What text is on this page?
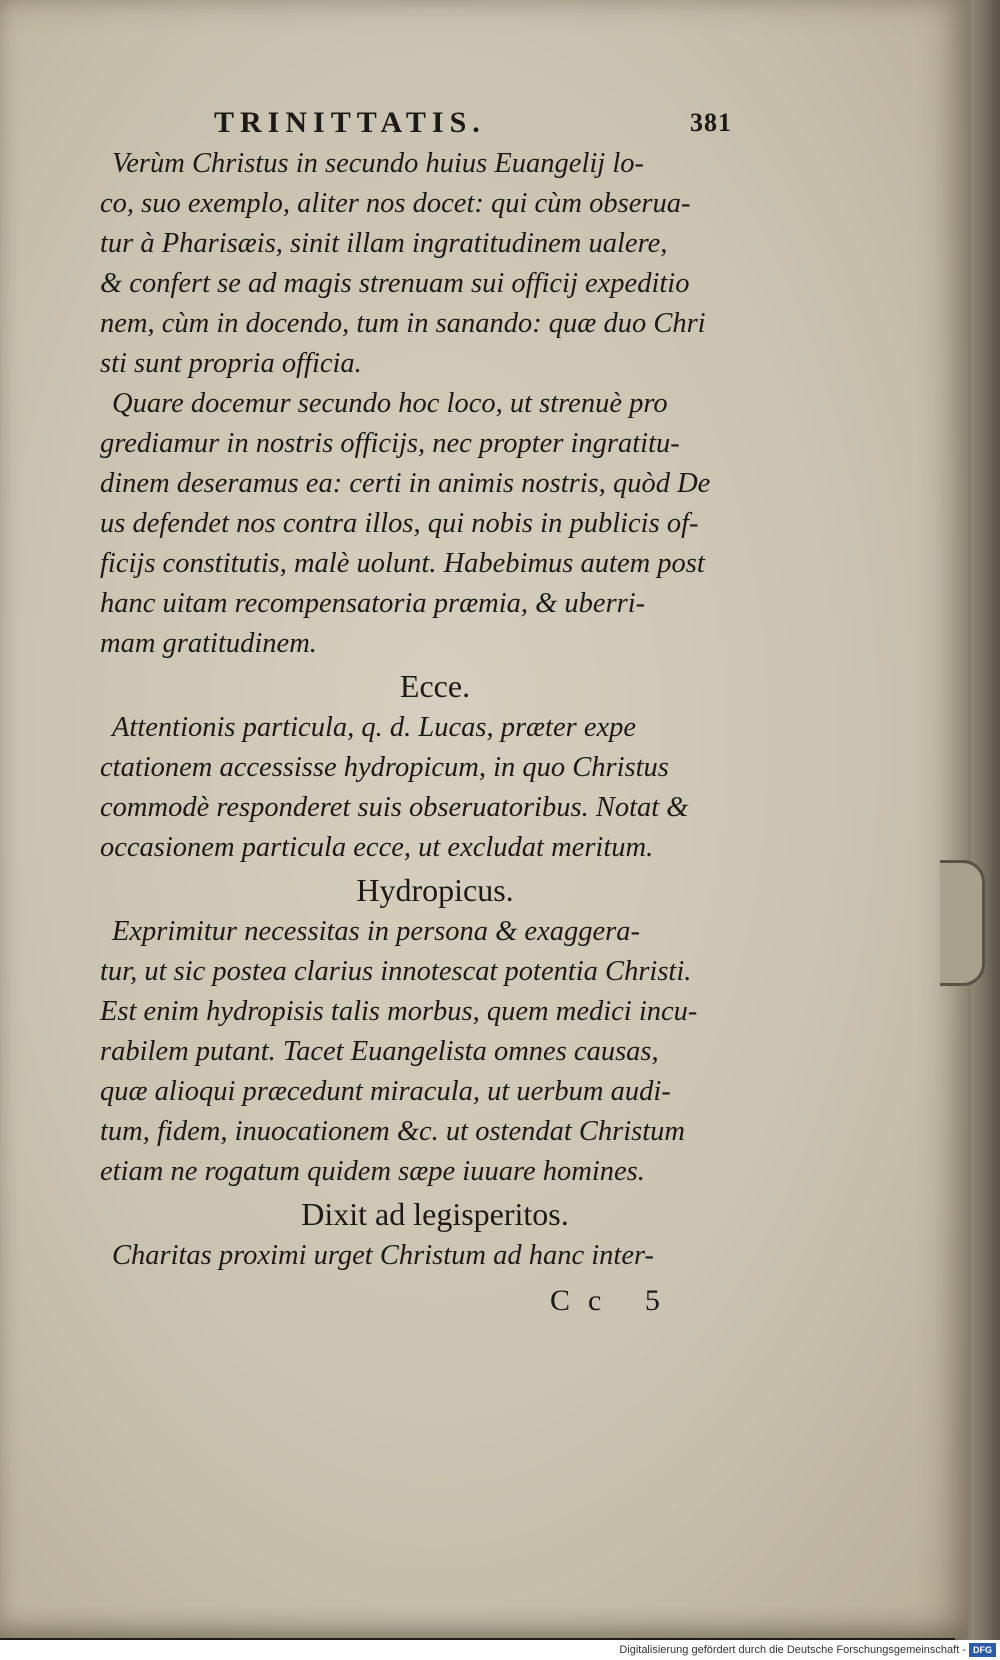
TRINITTATIS.	381

Verùm Christus in secundo huius Euangelij lo-
co, suo exemplo, aliter nos docet: qui cùm obserua-
tur à Pharisæis, sinit illam ingratitudinem ualere,
& confert se ad magis strenuam sui officij expeditio
nem, cùm in docendo, tum in sanando: quæ duo Chri
sti sunt propria officia.

Quare docemur secundo hoc loco, ut strenuè pro
grediamur in nostris officijs, nec propter ingratitu-
dinem deseramus ea: certi in animis nostris, quòd De
us defendet nos contra illos, qui nobis in publicis of-
ficijs constitutis, malè uolunt. Habebimus autem post
hanc uitam recompensatoria præmia, & uberri-
mam gratitudinem.

Ecce.

Attentionis particula, q. d. Lucas, præter expe
ctationem accessisse hydropicum, in quo Christus
commodè responderet suis obseruatoribus. Notat &
occasionem particula ecce, ut excludat meritum.

Hydropicus.

Exprimitur necessitas in persona & exaggera-
tur, ut sic postea clarius innotescat potentia Christi.
Est enim hydropisis talis morbus, quem medici incu-
rabilem putant. Tacet Euangelista omnes causas,
quæ alioqui præcedunt miracula, ut uerbum audi-
tum, fidem, inuocationem &c. ut ostendat Christum
etiam ne rogatum quidem sæpe iuuare homines.

Dixit ad legisperitos.

Charitas proximi urget Christum ad hanc inter-

Cc 5
Digitalisierung gefördert durch die Deutsche Forschungsgemeinschaft - DFG
